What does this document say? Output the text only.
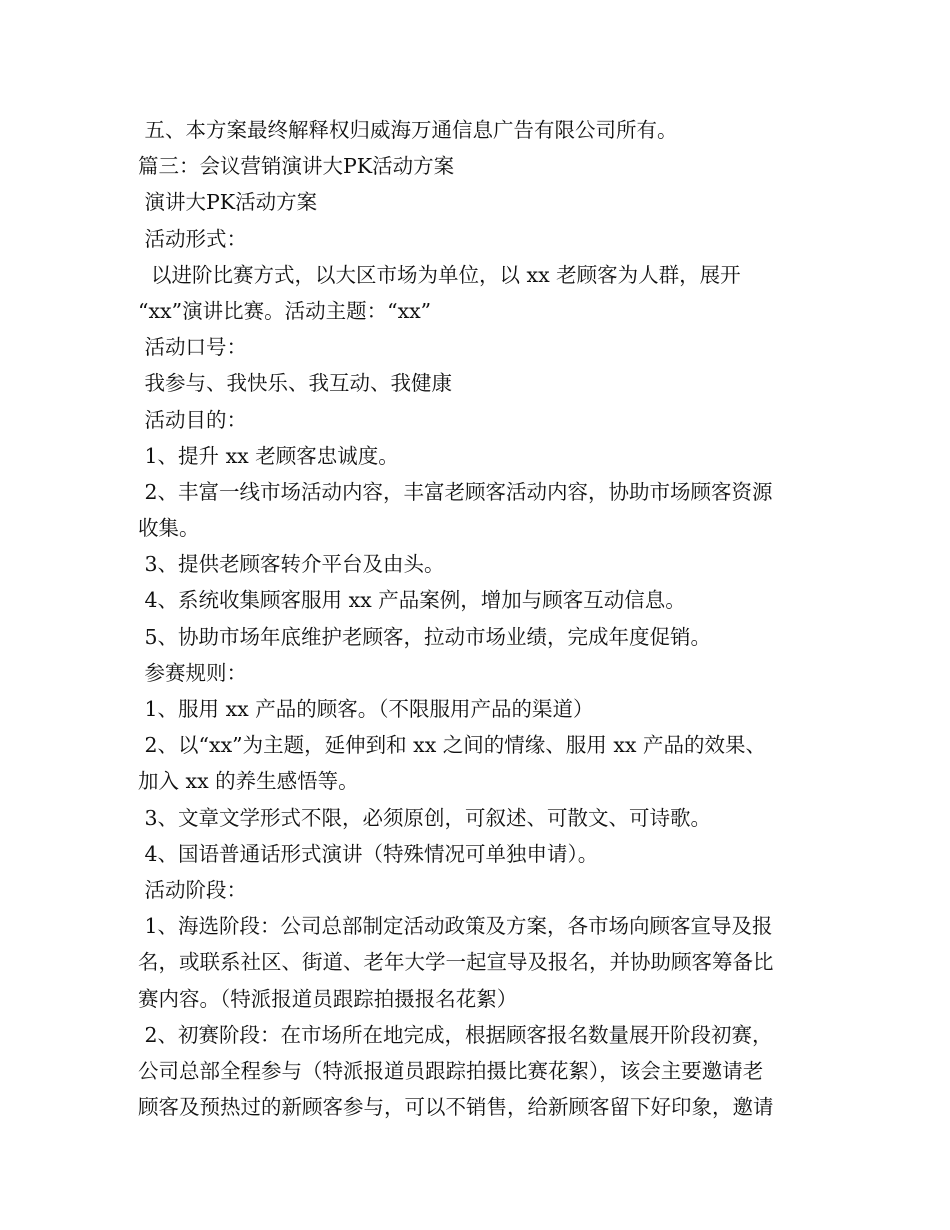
五、本方案最终解释权归威海万通信息广告有限公司所有。
篇三：会议营销演讲大PK活动方案
演讲大PK活动方案
活动形式：
以进阶比赛方式，以大区市场为单位，以 xx 老顾客为人群，展开
“xx”演讲比赛。活动主题：“xx”
活动口号：
我参与、我快乐、我互动、我健康
活动目的：
1、提升 xx 老顾客忠诚度。
2、丰富一线市场活动内容，丰富老顾客活动内容，协助市场顾客资源
收集。
3、提供老顾客转介平台及由头。
4、系统收集顾客服用 xx 产品案例，增加与顾客互动信息。
5、协助市场年底维护老顾客，拉动市场业绩，完成年度促销。
参赛规则：
1、服用 xx 产品的顾客。（不限服用产品的渠道）
2、以“xx”为主题，延伸到和 xx 之间的情缘、服用 xx 产品的效果、
加入 xx 的养生感悟等。
3、文章文学形式不限，必须原创，可叙述、可散文、可诗歌。
4、国语普通话形式演讲（特殊情况可单独申请）。
活动阶段：
1、海选阶段：公司总部制定活动政策及方案，各市场向顾客宣导及报
名，或联系社区、街道、老年大学一起宣导及报名，并协助顾客筹备比
赛内容。（特派报道员跟踪拍摄报名花絮）
2、初赛阶段：在市场所在地完成，根据顾客报名数量展开阶段初赛，
公司总部全程参与（特派报道员跟踪拍摄比赛花絮），该会主要邀请老
顾客及预热过的新顾客参与，可以不销售，给新顾客留下好印象，邀请
